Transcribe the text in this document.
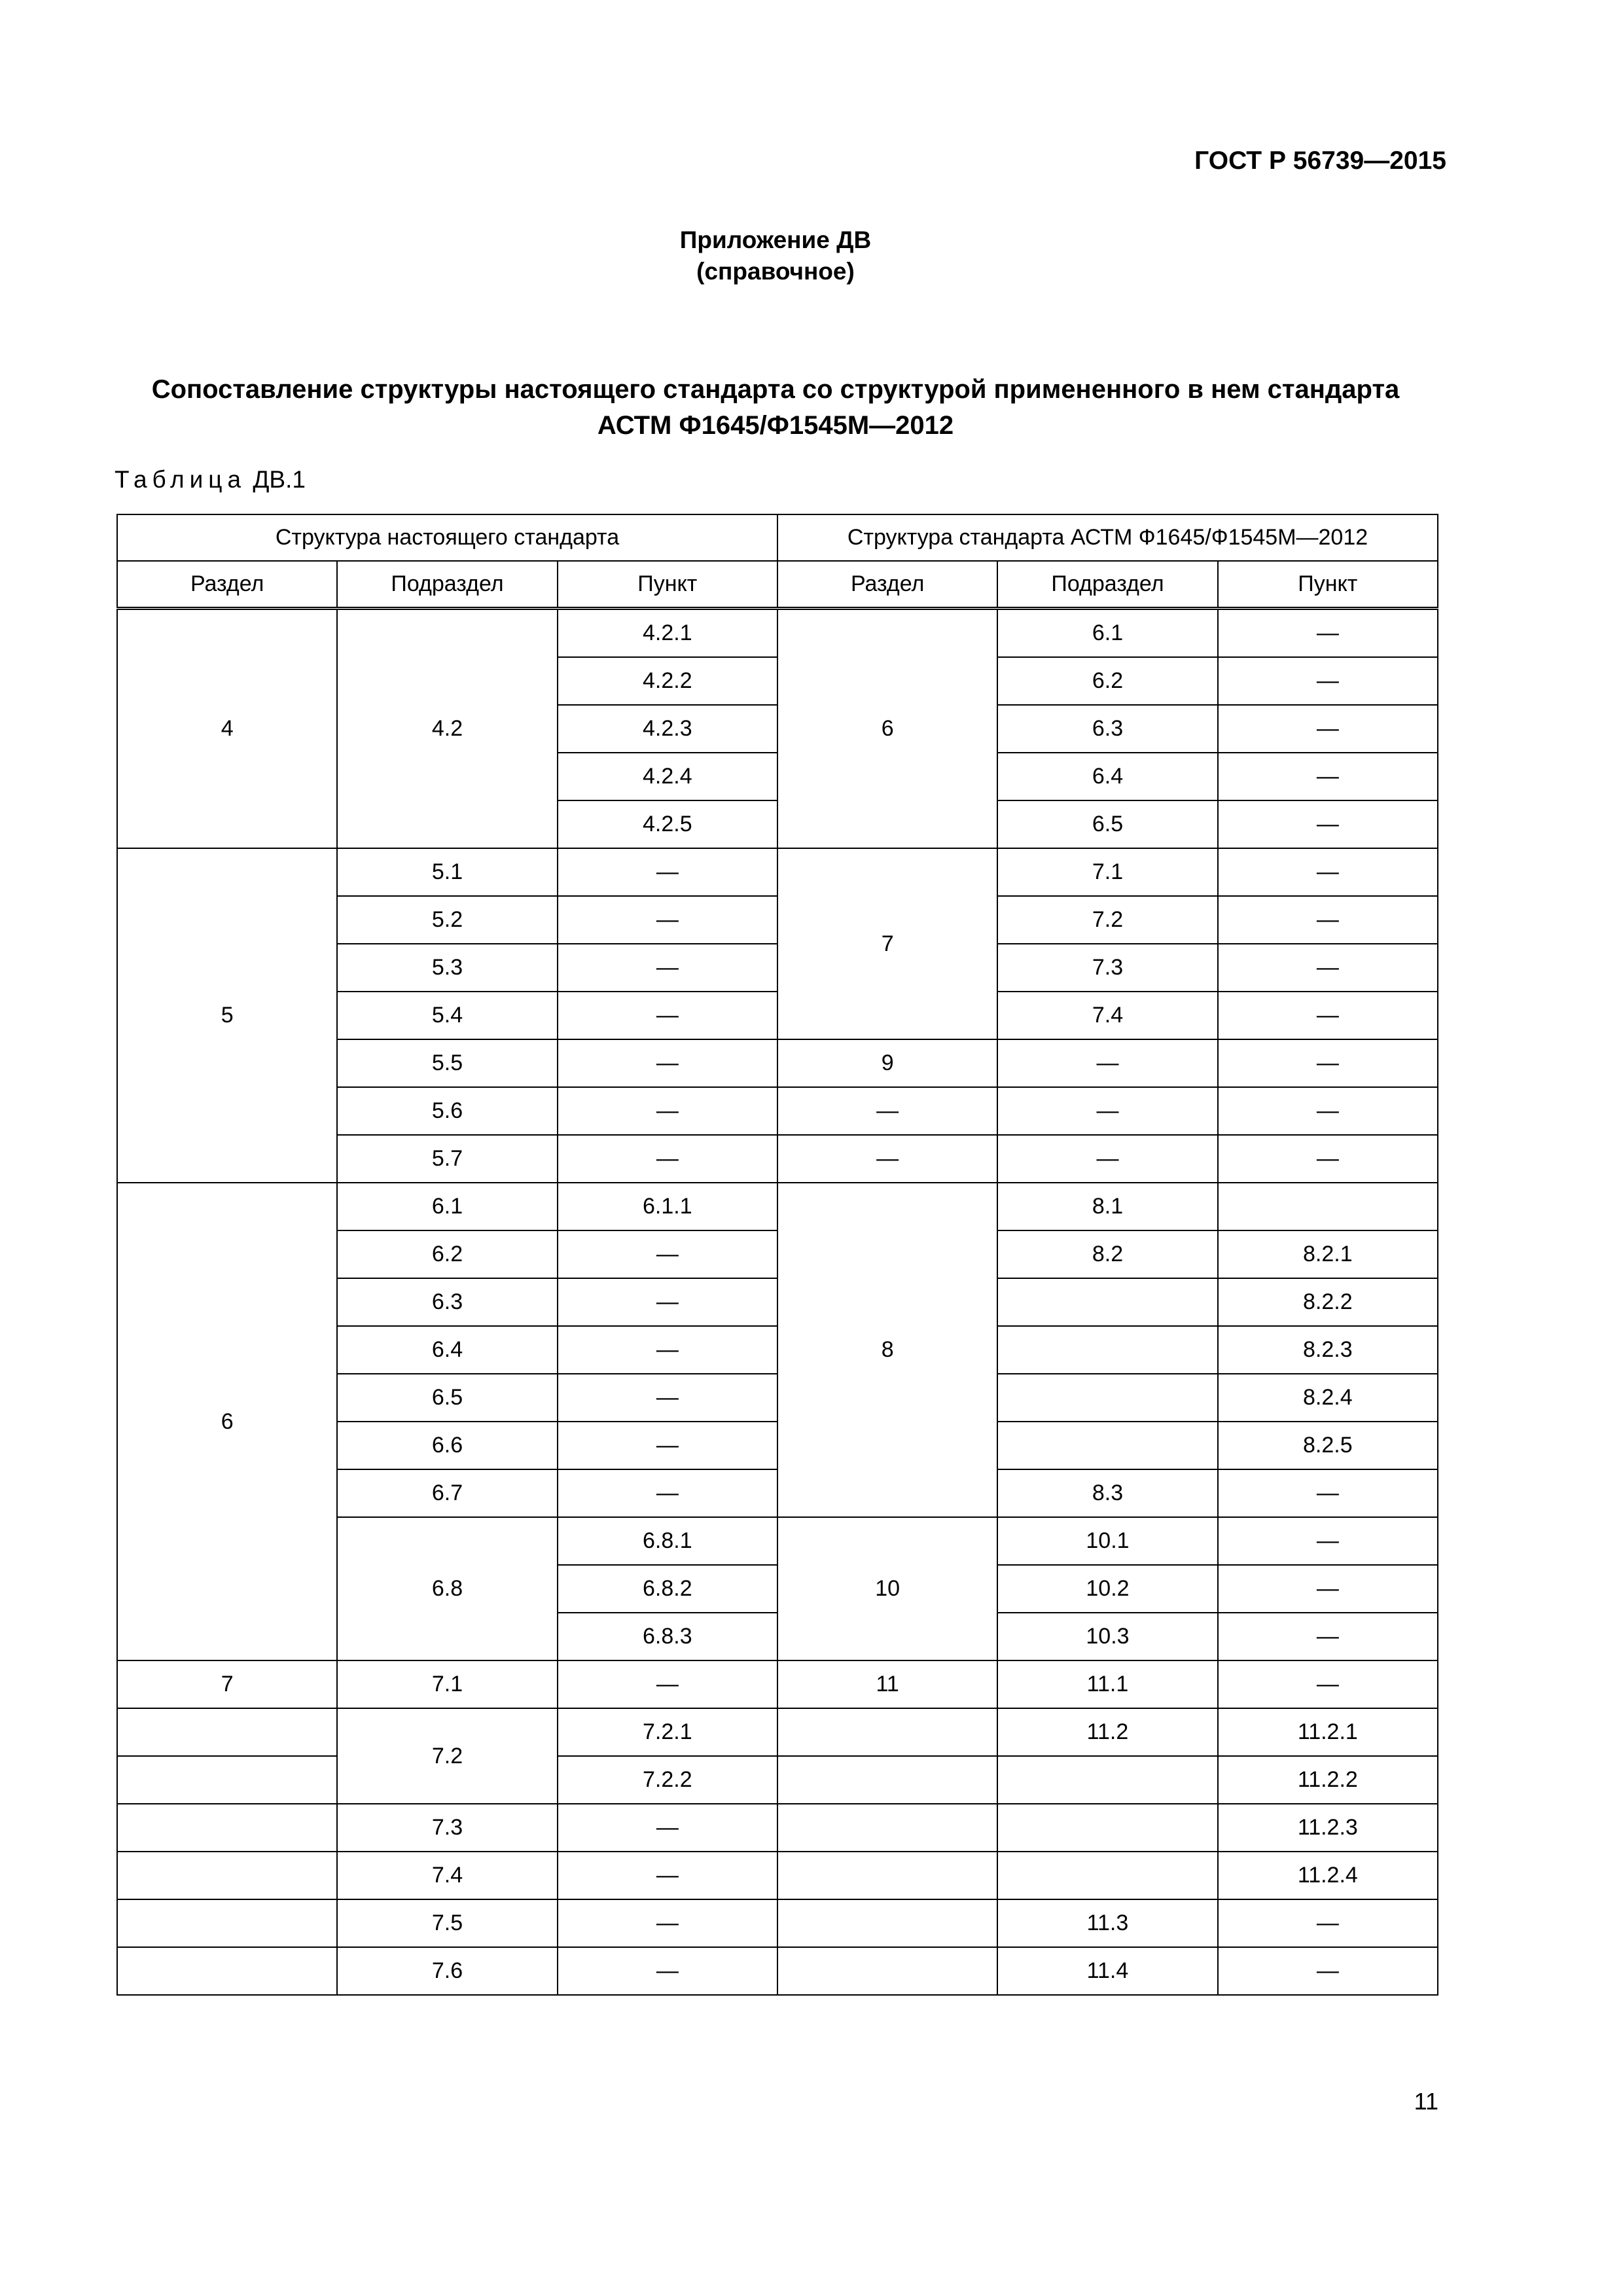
ГОСТ Р 56739—2015
Приложение ДВ
(справочное)
Сопоставление структуры настоящего стандарта со структурой примененного в нем стандарта
АСТМ Ф1645/Ф1545М—2012
Таблица ДВ.1
Структура настоящего стандарта			Структура стандарта АСТМ Ф1645/Ф1545М—2012		
Раздел	Подраздел	Пункт	Раздел	Подраздел	Пункт
4	4.2	4.2.1	6	6.1	—
		4.2.2		6.2	—
		4.2.3		6.3	—
		4.2.4		6.4	—
		4.2.5		6.5	—
5	5.1	—	7	7.1	—
	5.2	—		7.2	—
	5.3	—		7.3	—
	5.4	—		7.4	—
	5.5	—	9	—	—
	5.6	—	—	—	—
	5.7	—	—	—	—
6	6.1	6.1.1	8	8.1	
	6.2	—		8.2	8.2.1
	6.3	—			8.2.2
	6.4	—			8.2.3
	6.5	—			8.2.4
	6.6	—			8.2.5
	6.7	—		8.3	—
	6.8	6.8.1	10	10.1	—
		6.8.2		10.2	—
		6.8.3		10.3	—
7	7.1	—	11	11.1	—
	7.2	7.2.1		11.2	11.2.1
		7.2.2			11.2.2
	7.3	—			11.2.3
	7.4	—			11.2.4
	7.5	—		11.3	—
	7.6	—		11.4	—
11
